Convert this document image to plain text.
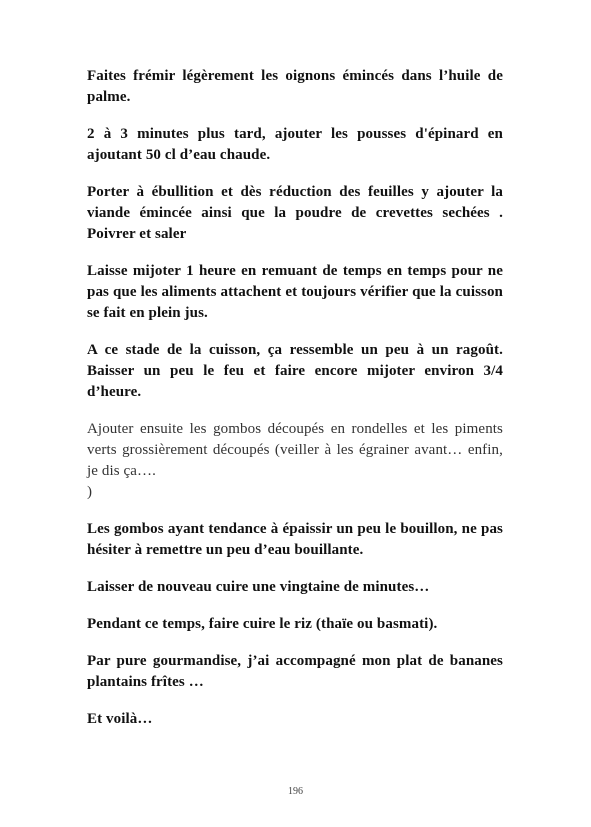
Faites frémir légèrement les oignons émincés dans l’huile de palme.

2 à 3 minutes plus tard, ajouter les pousses d'épinard en ajoutant 50 cl d’eau chaude.

Porter à ébullition et dès réduction des feuilles y ajouter la viande émincée ainsi que la poudre de crevettes sechées . Poivrer et saler

Laisse mijoter 1 heure en remuant de temps en temps pour ne pas que les aliments attachent et toujours vérifier que la cuisson se fait en plein jus.

A ce stade de la cuisson, ça ressemble un peu à un ragoût. Baisser un peu le feu et faire encore mijoter environ 3/4 d’heure.

Ajouter ensuite les gombos découpés en rondelles et les piments verts grossièrement découpés (veiller à les égrainer avant… enfin, je dis ça….
)

Les gombos ayant tendance à épaissir un peu le bouillon, ne pas hésiter à remettre un peu d’eau bouillante.

Laisser de nouveau cuire une vingtaine de minutes…

Pendant ce temps, faire cuire le riz (thaïe ou basmati).

Par pure gourmandise, j’ai accompagné mon plat de bananes plantains frîtes …

Et voilà…

196
